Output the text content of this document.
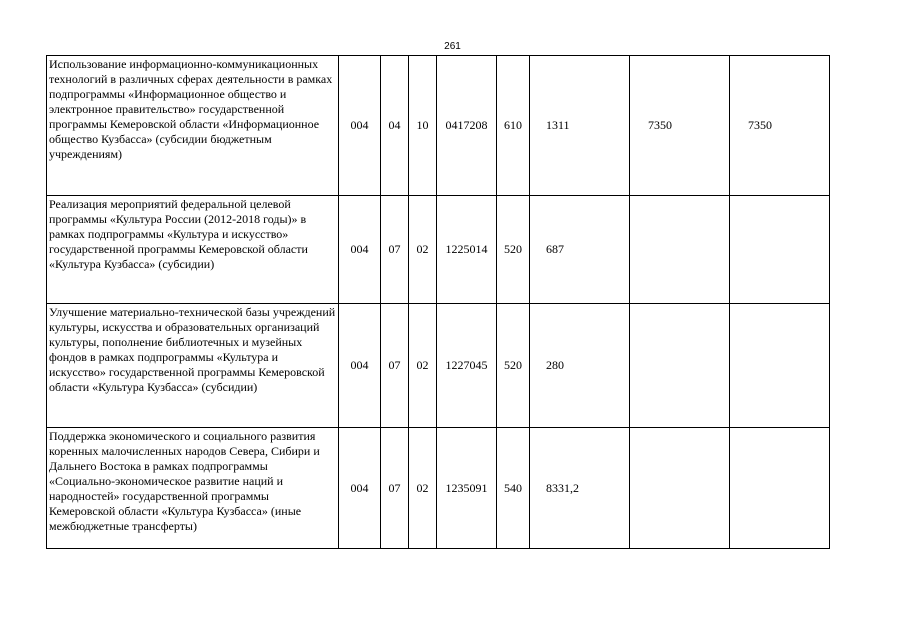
261
Использование информационно-коммуникационных технологий в различных сферах деятельности в рамках подпрограммы «Информационное общество и электронное правительство» государственной программы Кемеровской области «Информационное общество Кузбасса» (субсидии бюджетным учреждениям)	004	04	10	0417208	610	1311	7350	7350
Реализация мероприятий федеральной целевой программы «Культура России (2012-2018 годы)» в рамках подпрограммы «Культура и искусство» государственной программы Кемеровской области «Культура Кузбасса» (субсидии)	004	07	02	1225014	520	687		
Улучшение материально-технической базы учреждений культуры, искусства и образовательных организаций культуры, пополнение библиотечных и музейных фондов в рамках подпрограммы «Культура и искусство» государственной программы Кемеровской области «Культура Кузбасса» (субсидии)	004	07	02	1227045	520	280		
Поддержка экономического и социального развития коренных малочисленных народов Севера, Сибири и Дальнего Востока в рамках подпрограммы «Социально-экономическое развитие наций и народностей» государственной программы Кемеровской области «Культура Кузбасса» (иные межбюджетные трансферты)	004	07	02	1235091	540	8331,2		
